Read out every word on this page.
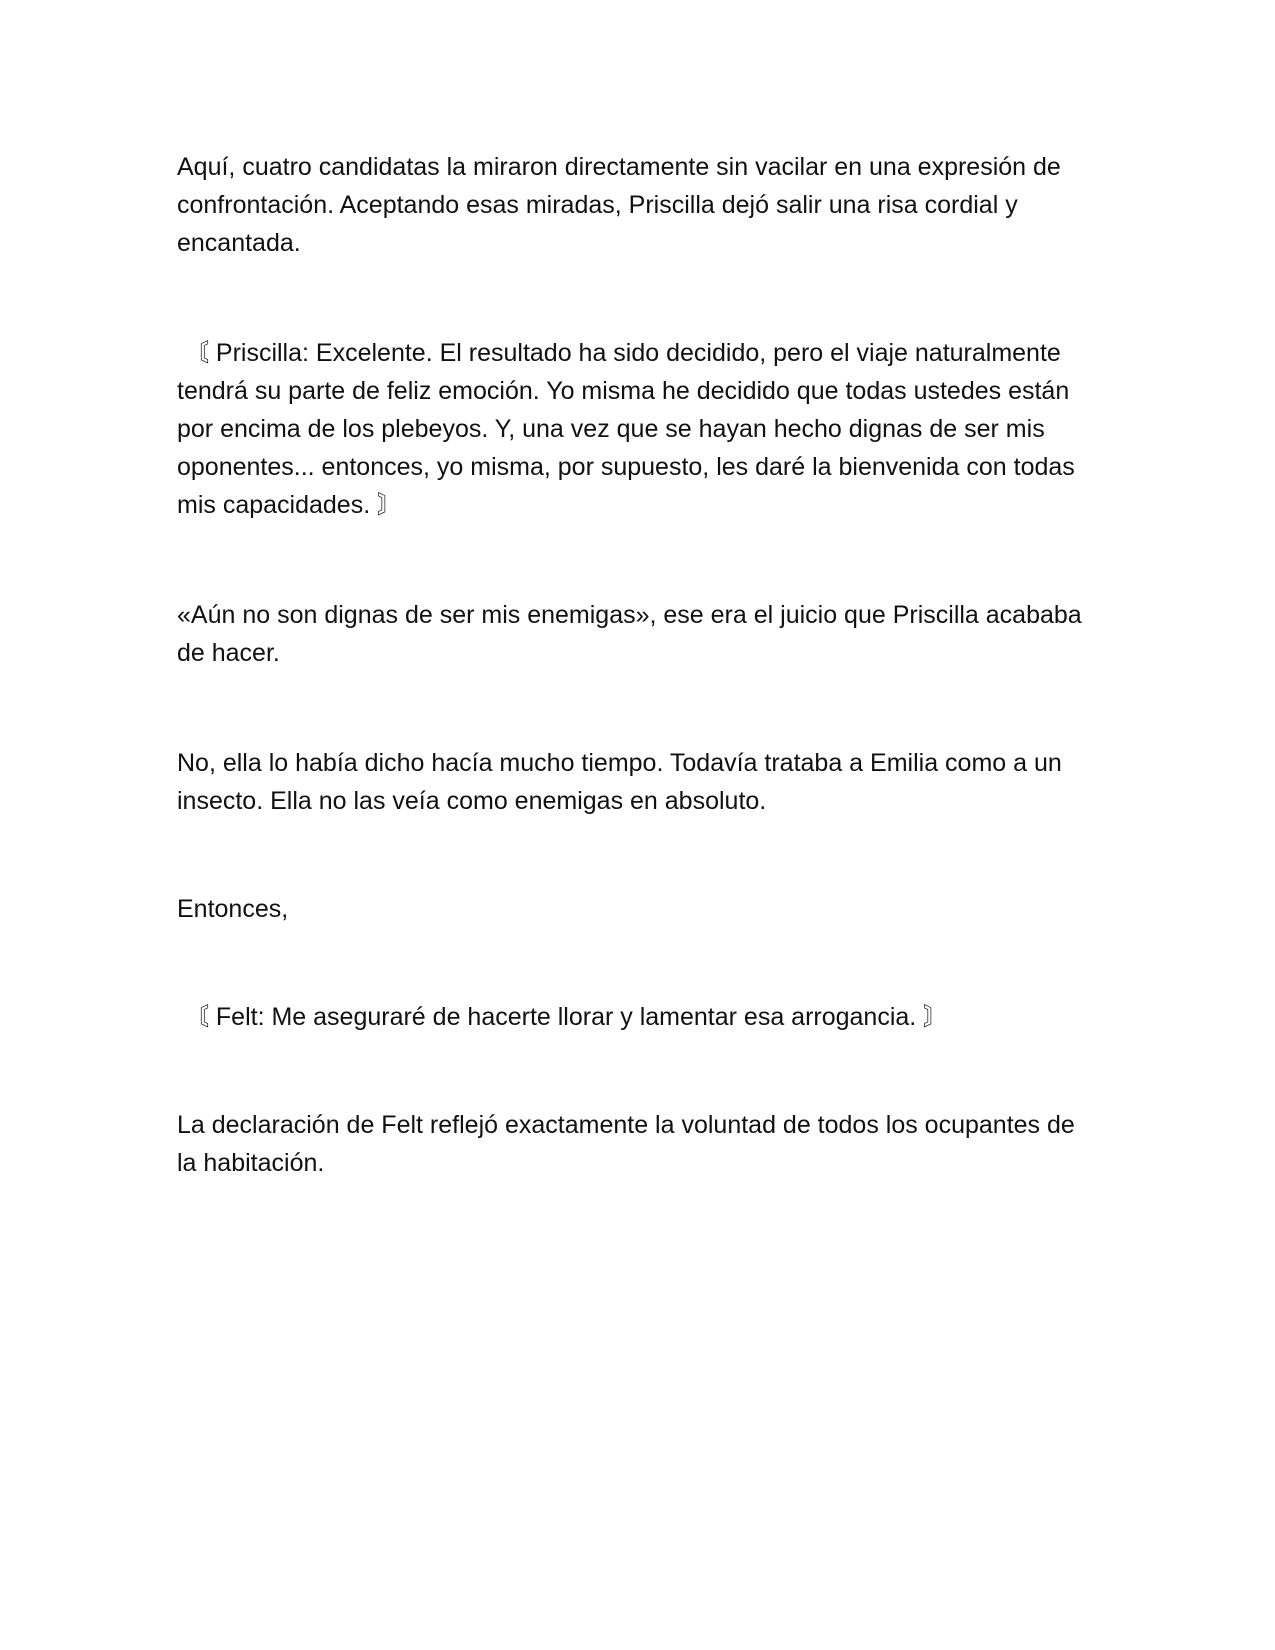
Aquí, cuatro candidatas la miraron directamente sin vacilar en una expresión de confrontación. Aceptando esas miradas, Priscilla dejó salir una risa cordial y encantada.

〘 Priscilla: Excelente. El resultado ha sido decidido, pero el viaje naturalmente tendrá su parte de feliz emoción. Yo misma he decidido que todas ustedes están por encima de los plebeyos. Y, una vez que se hayan hecho dignas de ser mis oponentes... entonces, yo misma, por supuesto, les daré la bienvenida con todas mis capacidades. 〙

«Aún no son dignas de ser mis enemigas», ese era el juicio que Priscilla acababa de hacer.

No, ella lo había dicho hacía mucho tiempo. Todavía trataba a Emilia como a un insecto. Ella no las veía como enemigas en absoluto.

Entonces,

〘 Felt: Me aseguraré de hacerte llorar y lamentar esa arrogancia. 〙

La declaración de Felt reflejó exactamente la voluntad de todos los ocupantes de la habitación.
